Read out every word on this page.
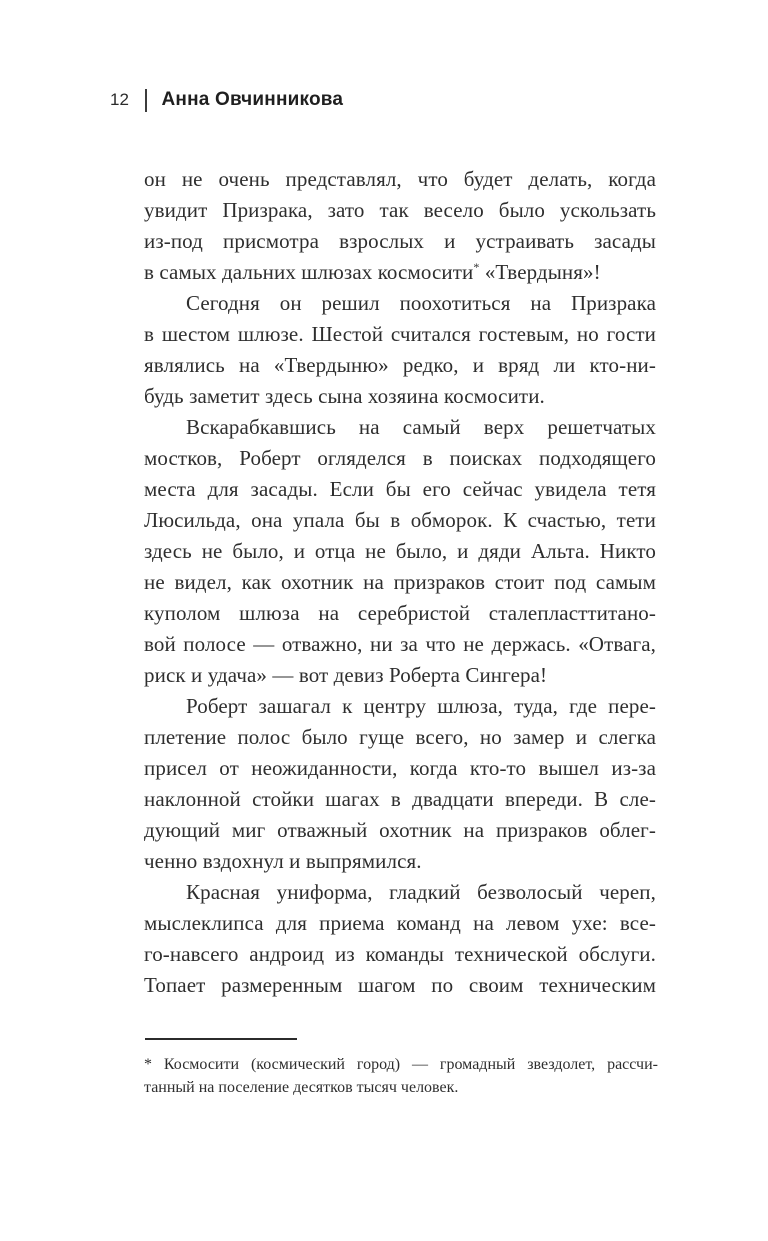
12 Анна Овчинникова
он не очень представлял, что будет делать, когда
увидит Призрака, зато так весело было ускользать
из-под присмотра взрослых и устраивать засады
в самых дальних шлюзах космосити* «Твердыня»!
Сегодня он решил поохотиться на Призрака
в шестом шлюзе. Шестой считался гостевым, но гости
являлись на «Твердыню» редко, и вряд ли кто-ни-
будь заметит здесь сына хозяина космосити.
Вскарабкавшись на самый верх решетчатых
мостков, Роберт огляделся в поисках подходящего
места для засады. Если бы его сейчас увидела тетя
Люсильда, она упала бы в обморок. К счастью, тети
здесь не было, и отца не было, и дяди Альта. Никто
не видел, как охотник на призраков стоит под самым
куполом шлюза на серебристой сталепласттитано-
вой полосе — отважно, ни за что не держась. «Отвага,
риск и удача» — вот девиз Роберта Сингера!
Роберт зашагал к центру шлюза, туда, где пере-
плетение полос было гуще всего, но замер и слегка
присел от неожиданности, когда кто-то вышел из-за
наклонной стойки шагах в двадцати впереди. В сле-
дующий миг отважный охотник на призраков облег-
ченно вздохнул и выпрямился.
Красная униформа, гладкий безволосый череп,
мыслеклипса для приема команд на левом ухе: все-
го-навсего андроид из команды технической обслуги.
Топает размеренным шагом по своим техническим
* Космосити (космический город) — громадный звездолет, рассчи-
танный на поселение десятков тысяч человек.
